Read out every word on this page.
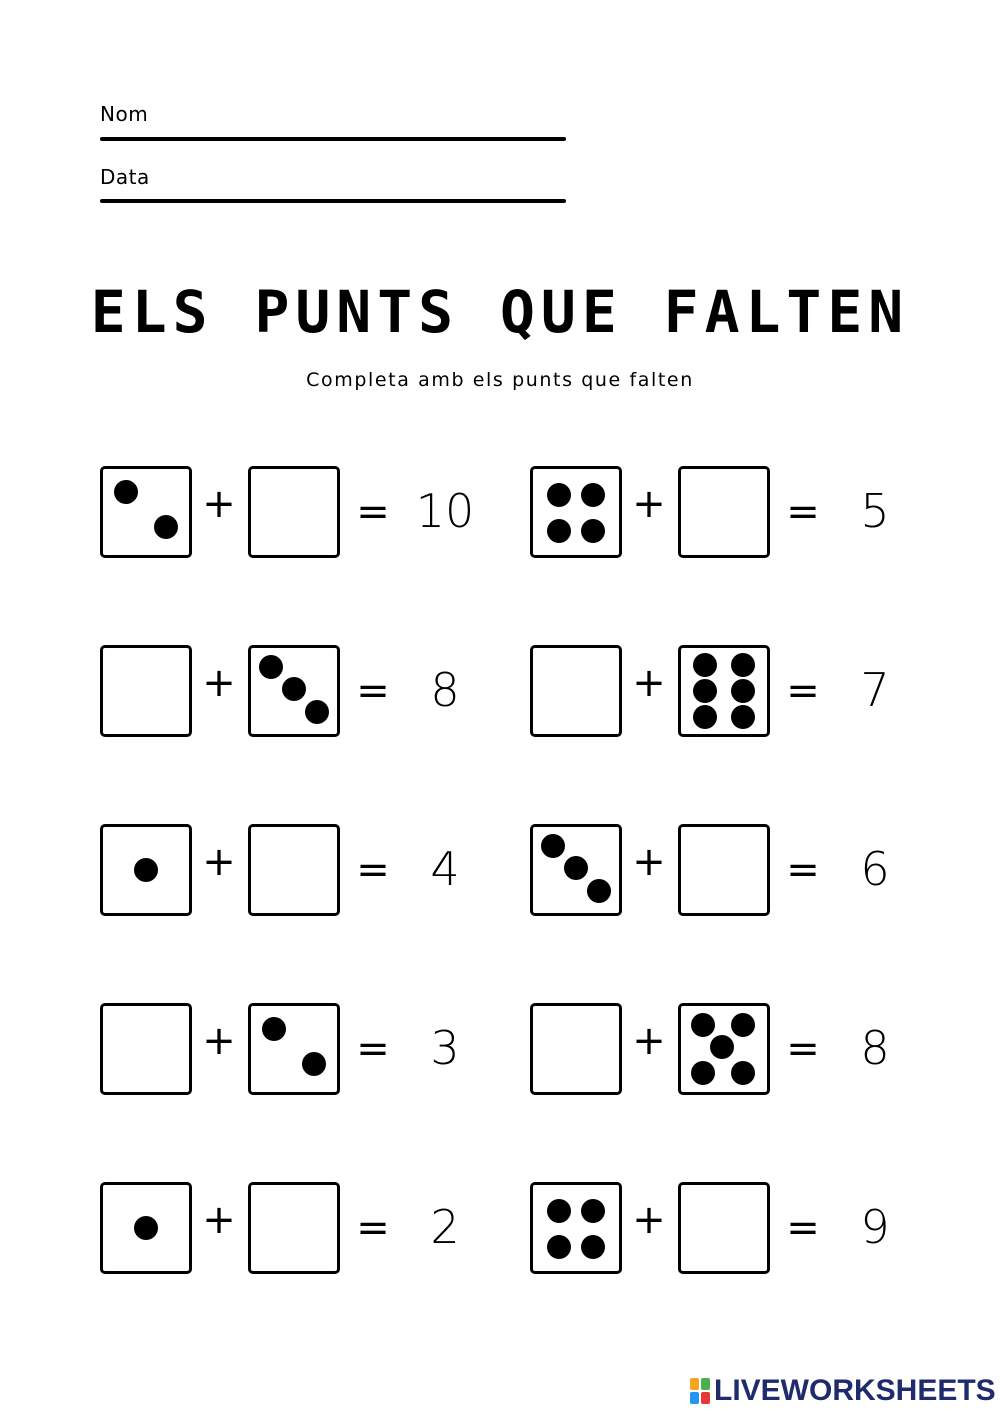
Nom
Data
ELS PUNTS QUE FALTEN
Completa amb els punts que falten
+	= 10	+	= 5
+	= 8	+	= 7
+	= 4	+	= 6
+	= 3	+	= 8
+	= 2	+	= 9
LIVEWORKSHEETS
